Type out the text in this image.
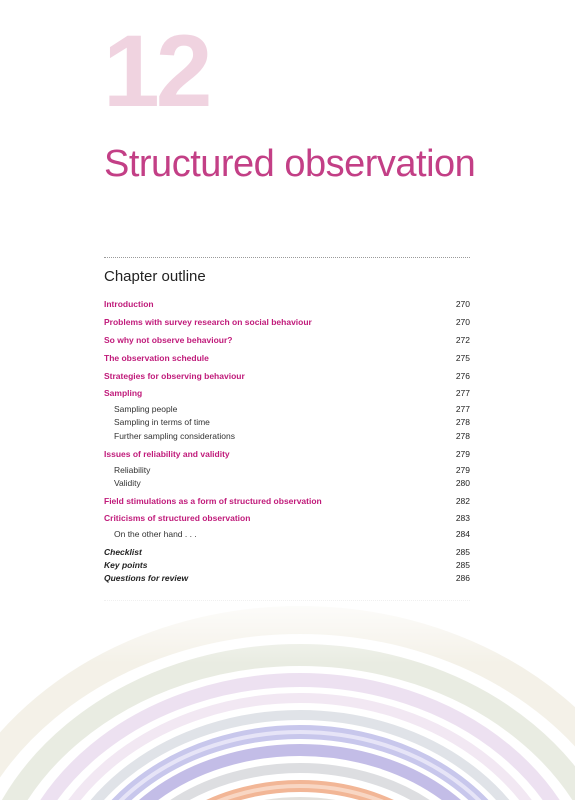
12
Structured observation
Chapter outline
Introduction	270
Problems with survey research on social behaviour	270
So why not observe behaviour?	272
The observation schedule	275
Strategies for observing behaviour	276
Sampling	277
Sampling people	277
Sampling in terms of time	278
Further sampling considerations	278
Issues of reliability and validity	279
Reliability	279
Validity	280
Field stimulations as a form of structured observation	282
Criticisms of structured observation	283
On the other hand . . .	284
Checklist	285
Key points	285
Questions for review	286
